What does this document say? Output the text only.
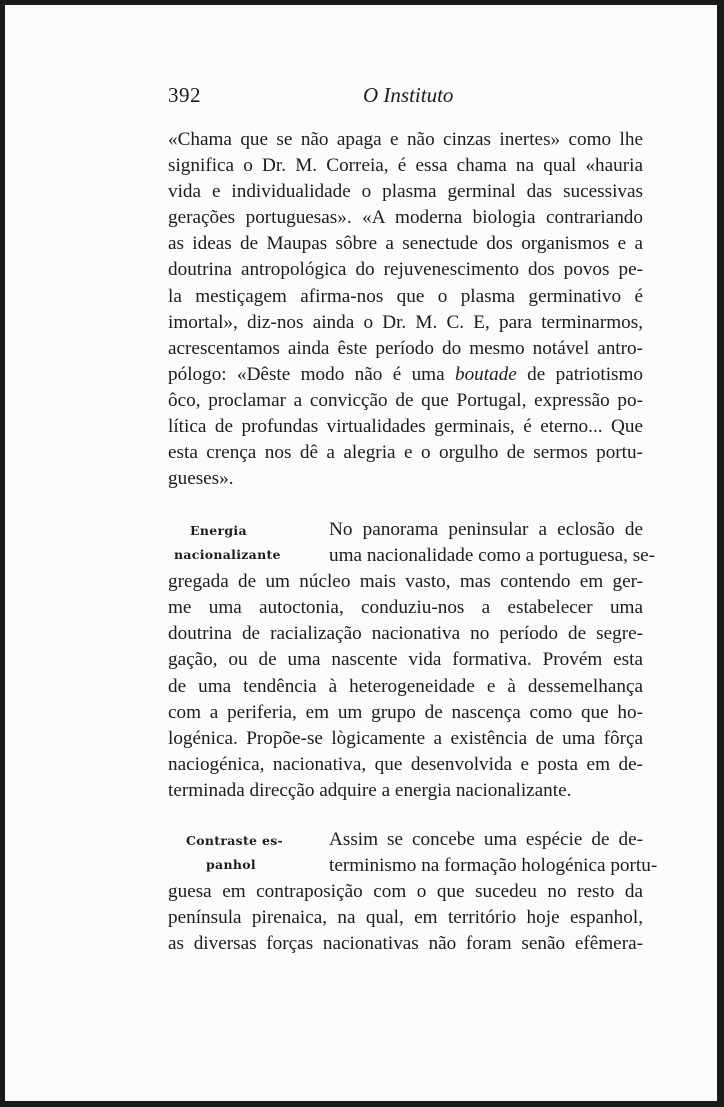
392	O Instituto
«Chama que se não apaga e não cinzas inertes» como lhe
significa o Dr. M. Correia, é essa chama na qual «hauria
vida e individualidade o plasma germinal das sucessivas
gerações portuguesas». «A moderna biologia contrariando
as ideas de Maupas sôbre a senectude dos organismos e a
doutrina antropológica do rejuvenescimento dos povos pe-
la mestiçagem afirma-nos que o plasma germinativo é
imortal», diz-nos ainda o Dr. M. C. E, para terminarmos,
acrescentamos ainda êste período do mesmo notável antro-
pólogo: «Dêste modo não é uma boutade de patriotismo
ôco, proclamar a convicção de que Portugal, expressão po-
lítica de profundas virtualidades germinais, é eterno... Que
esta crença nos dê a alegria e o orgulho de sermos portu-
gueses».
Energia
nacionalizante
No panorama peninsular a eclosão de
uma nacionalidade como a portuguesa, se-
gregada de um núcleo mais vasto, mas contendo em ger-
me uma autoctonia, conduziu-nos a estabelecer uma
doutrina de racialização nacionativa no período de segre-
gação, ou de uma nascente vida formativa. Provém esta
de uma tendência à heterogeneidade e à dessemelhança
com a periferia, em um grupo de nascença como que ho-
logénica. Propõe-se lògicamente a existência de uma fôrça
naciogénica, nacionativa, que desenvolvida e posta em de-
terminada direcção adquire a energia nacionalizante.
Contraste es-
panhol
Assim se concebe uma espécie de de-
terminismo na formação hologénica portu-
guesa em contraposição com o que sucedeu no resto da
península pirenaica, na qual, em território hoje espanhol,
as diversas forças nacionativas não foram senão efêmera-
